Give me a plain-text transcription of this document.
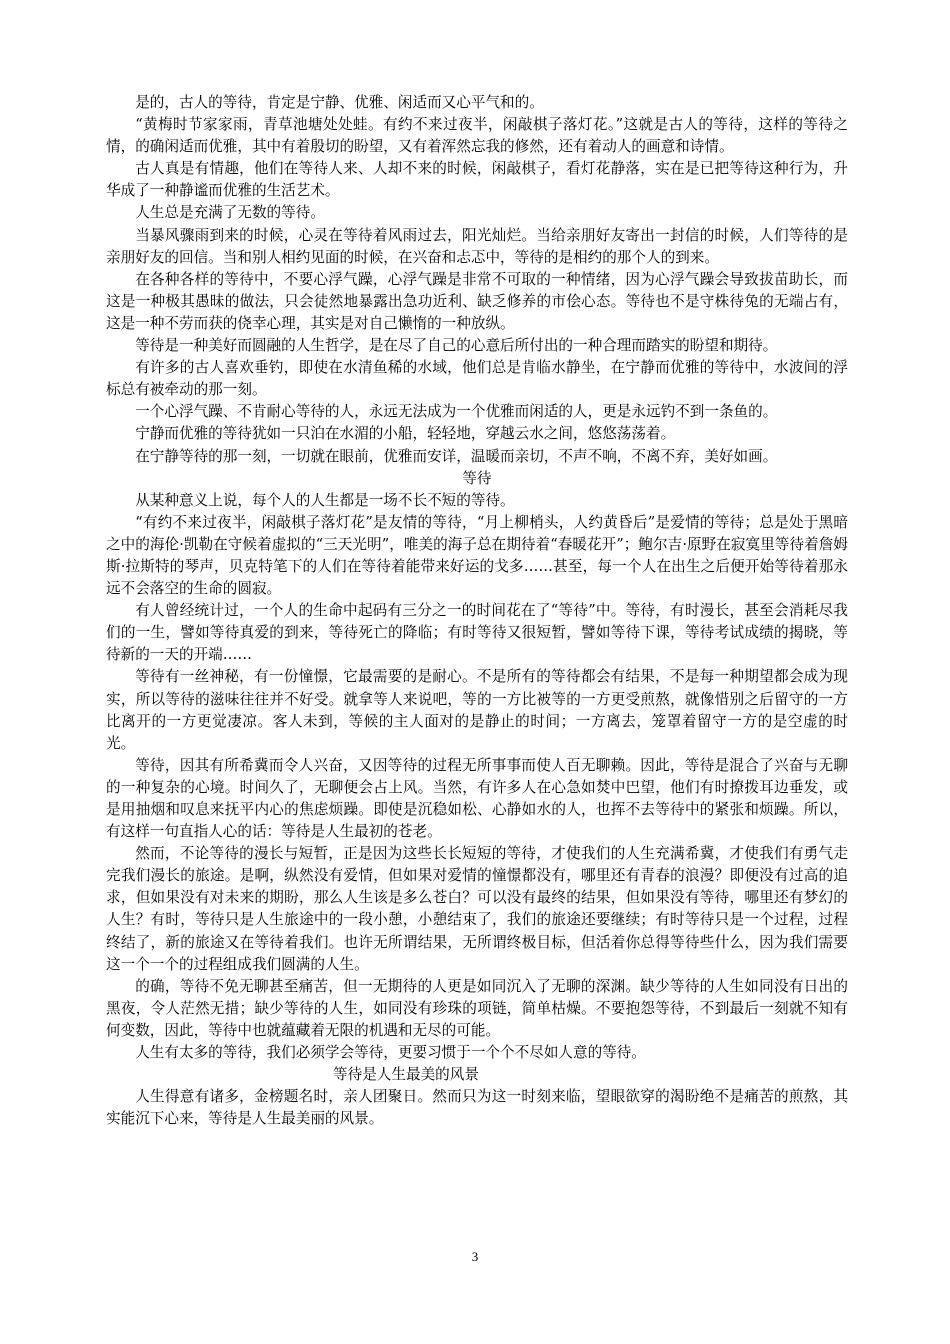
是的，古人的等待，肯定是宁静、优雅、闲适而又心平气和的。

“黄梅时节家家雨，青草池塘处处蛙。有约不来过夜半，闲敲棋子落灯花。”这就是古人的等待，这样的等待之情，的确闲适而优雅，其中有着殷切的盼望，又有着浑然忘我的修然，还有着动人的画意和诗情。

古人真是有情趣，他们在等待人来、人却不来的时候，闲敲棋子，看灯花静落，实在是已把等待这种行为，升华成了一种静谧而优雅的生活艺术。

人生总是充满了无数的等待。

当暴风骤雨到来的时候，心灵在等待着风雨过去，阳光灿烂。当给亲朋好友寄出一封信的时候，人们等待的是亲朋好友的回信。当和别人相约见面的时候，在兴奋和忐忑中，等待的是相约的那个人的到来。

在各种各样的等待中，不要心浮气躁，心浮气躁是非常不可取的一种情绪，因为心浮气躁会导致拔苗助长，而这是一种极其愚昧的做法，只会徒然地暴露出急功近利、缺乏修养的市侩心态。等待也不是守株待兔的无端占有，这是一种不劳而获的侥幸心理，其实是对自己懒惰的一种放纵。

等待是一种美好而圆融的人生哲学，是在尽了自己的心意后所付出的一种合理而踏实的盼望和期待。

有许多的古人喜欢垂钓，即使在水清鱼稀的水域，他们总是肯临水静坐，在宁静而优雅的等待中，水波间的浮标总有被牵动的那一刻。

一个心浮气躁、不肯耐心等待的人，永远无法成为一个优雅而闲适的人，更是永远钓不到一条鱼的。

宁静而优雅的等待犹如一只泊在水湄的小船，轻轻地，穿越云水之间，悠悠荡荡着。

在宁静等待的那一刻，一切就在眼前，优雅而安详，温暖而亲切，不声不响，不离不弃，美好如画。

等待

从某种意义上说，每个人的人生都是一场不长不短的等待。

“有约不来过夜半，闲敲棋子落灯花”是友情的等待，“月上柳梢头，人约黄昏后”是爱情的等待；总是处于黑暗之中的海伦·凯勒在守候着虚拟的“三天光明”，唯美的海子总在期待着“春暖花开”；鲍尔吉·原野在寂寞里等待着詹姆斯·拉斯特的琴声，贝克特笔下的人们在等待着能带来好运的戈多……甚至，每一个人在出生之后便开始等待着那永远不会落空的生命的圆寂。

有人曾经统计过，一个人的生命中起码有三分之一的时间花在了“等待”中。等待，有时漫长，甚至会消耗尽我们的一生，譬如等待真爱的到来，等待死亡的降临；有时等待又很短暂，譬如等待下课，等待考试成绩的揭晓，等待新的一天的开端……

等待有一丝神秘，有一份憧憬，它最需要的是耐心。不是所有的等待都会有结果，不是每一种期望都会成为现实，所以等待的滋味往往并不好受。就拿等人来说吧，等的一方比被等的一方更受煎熬，就像惜别之后留守的一方比离开的一方更觉凄凉。客人未到，等候的主人面对的是静止的时间；一方离去，笼罩着留守一方的是空虚的时光。

等待，因其有所希冀而令人兴奋，又因等待的过程无所事事而使人百无聊赖。因此，等待是混合了兴奋与无聊的一种复杂的心境。时间久了，无聊便会占上风。当然，有许多人在心急如焚中巴望，他们有时撩拨耳边垂发，或是用抽烟和叹息来抚平内心的焦虑烦躁。即使是沉稳如松、心静如水的人，也挥不去等待中的紧张和烦躁。所以，有这样一句直指人心的话：等待是人生最初的苍老。

然而，不论等待的漫长与短暂，正是因为这些长长短短的等待，才使我们的人生充满希冀，才使我们有勇气走完我们漫长的旅途。是啊，纵然没有爱情，但如果对爱情的憧憬都没有，哪里还有青春的浪漫？即便没有过高的追求，但如果没有对未来的期盼，那么人生该是多么苍白？可以没有最终的结果，但如果没有等待，哪里还有梦幻的人生？有时，等待只是人生旅途中的一段小憩，小憩结束了，我们的旅途还要继续；有时等待只是一个过程，过程终结了，新的旅途又在等待着我们。也许无所谓结果，无所谓终极目标，但活着你总得等待些什么，因为我们需要这一个一个的过程组成我们圆满的人生。

的确，等待不免无聊甚至痛苦，但一无期待的人更是如同沉入了无聊的深渊。缺少等待的人生如同没有日出的黑夜，令人茫然无措；缺少等待的人生，如同没有珍珠的项链，简单枯燥。不要抱怨等待，不到最后一刻就不知有何变数，因此，等待中也就蕴藏着无限的机遇和无尽的可能。

人生有太多的等待，我们必须学会等待，更要习惯于一个个不尽如人意的等待。

等待是人生最美的风景

人生得意有诸多，金榜题名时，亲人团聚日。然而只为这一时刻来临，望眼欲穿的渴盼绝不是痛苦的煎熬，其实能沉下心来，等待是人生最美丽的风景。

3
